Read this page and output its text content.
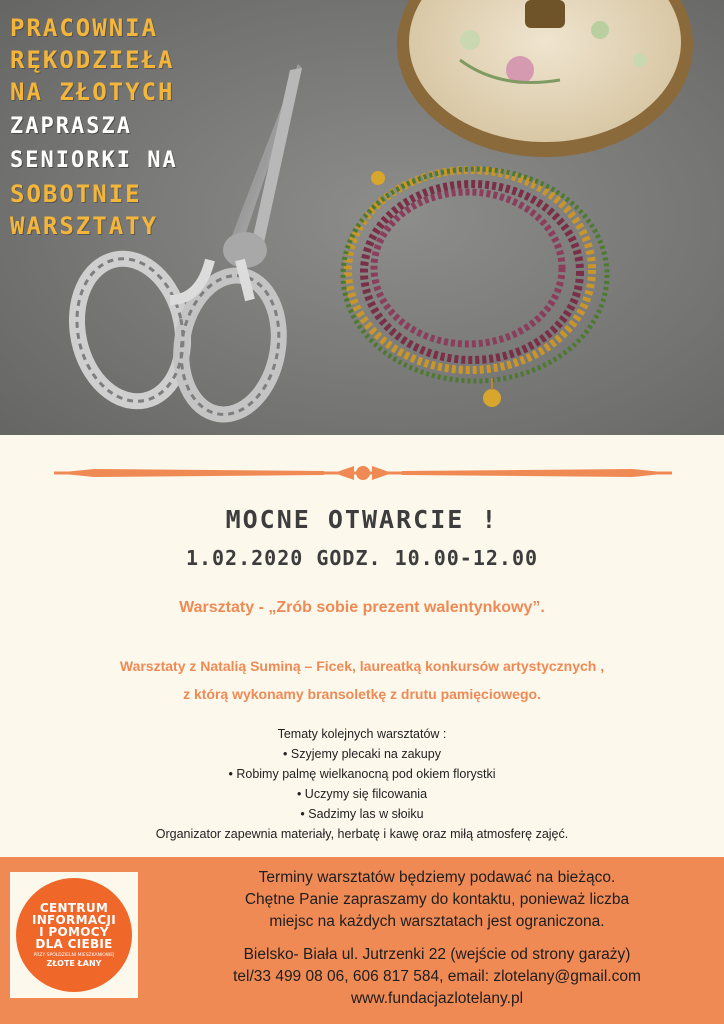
PRACOWNIA
RĘKODZIEŁA
NA ZŁOTYCH
ZAPRASZA
SENIORKI NA
SOBOTNIE
WARSZTATY
MOCNE OTWARCIE !
1.02.2020 GODZ. 10.00-12.00
Warsztaty - „Zrób sobie prezent walentynkowy”.
Warsztaty z Natalią Suminą – Ficek, laureatką konkursów artystycznych ,
z którą wykonamy bransoletkę z drutu pamięciowego.
Tematy kolejnych warsztatów :
• Szyjemy plecaki na zakupy
• Robimy palmę wielkanocną pod okiem florystki
• Uczymy się filcowania
• Sadzimy las w słoiku
Organizator zapewnia materiały, herbatę i kawę oraz miłą atmosferę zajęć.
CENTRUM
INFORMACJI
I POMOCY
DLA CIEBIE
PRZY SPÓŁDZIELNI MIESZKANIOWEJ
ZŁOTE ŁANY
Terminy warsztatów będziemy podawać na bieżąco.
Chętne Panie zapraszamy do kontaktu, ponieważ liczba
miejsc na każdych warsztatach jest ograniczona.
Bielsko- Biała ul. Jutrzenki 22 (wejście od strony garaży)
tel/33 499 08 06, 606 817 584, email: zlotelany@gmail.com
www.fundacjazlotelany.pl
